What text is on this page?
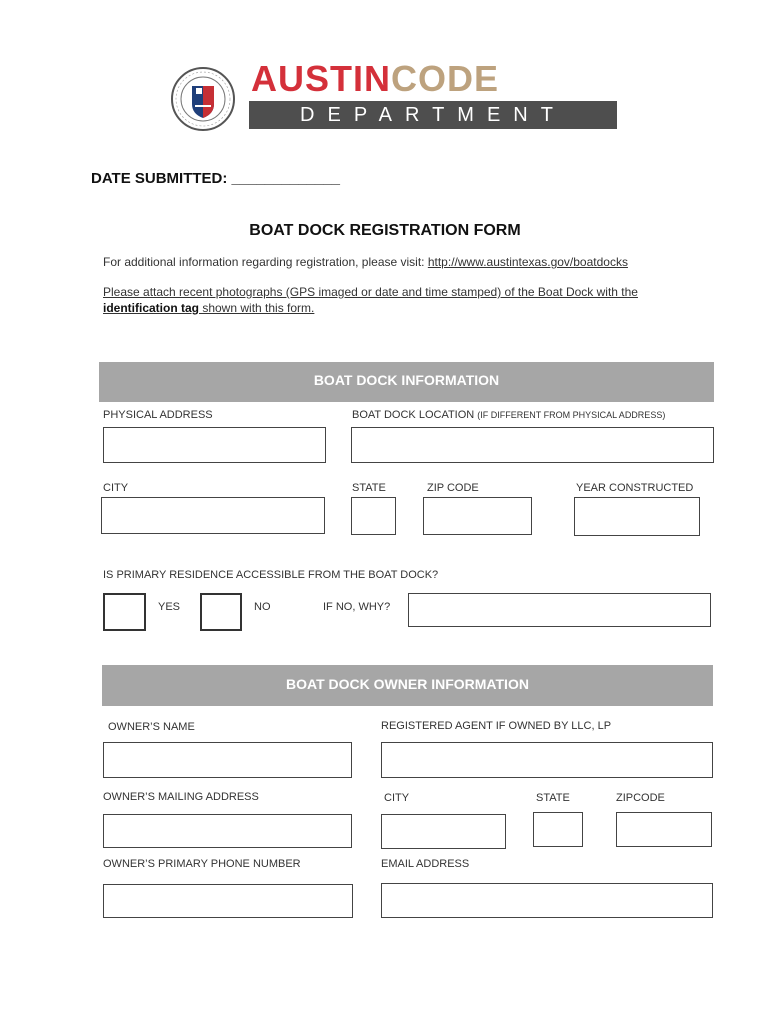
AUSTINCODE
DEPARTMENT
DATE SUBMITTED: _____________
BOAT DOCK REGISTRATION FORM
For additional information regarding registration, please visit: http://www.austintexas.gov/boatdocks
Please attach recent photographs (GPS imaged or date and time stamped) of the Boat Dock with the identification tag shown with this form.
BOAT DOCK INFORMATION
PHYSICAL ADDRESS	BOAT DOCK LOCATION (IF DIFFERENT FROM PHYSICAL ADDRESS)
CITY	STATE	ZIP CODE	YEAR CONSTRUCTED
IS PRIMARY RESIDENCE ACCESSIBLE FROM THE BOAT DOCK?
YES	NO	IF NO, WHY?
BOAT DOCK OWNER INFORMATION
OWNER’S NAME	REGISTERED AGENT IF OWNED BY LLC, LP
OWNER’S MAILING ADDRESS	CITY	STATE	ZIPCODE
OWNER’S PRIMARY PHONE NUMBER	EMAIL ADDRESS
